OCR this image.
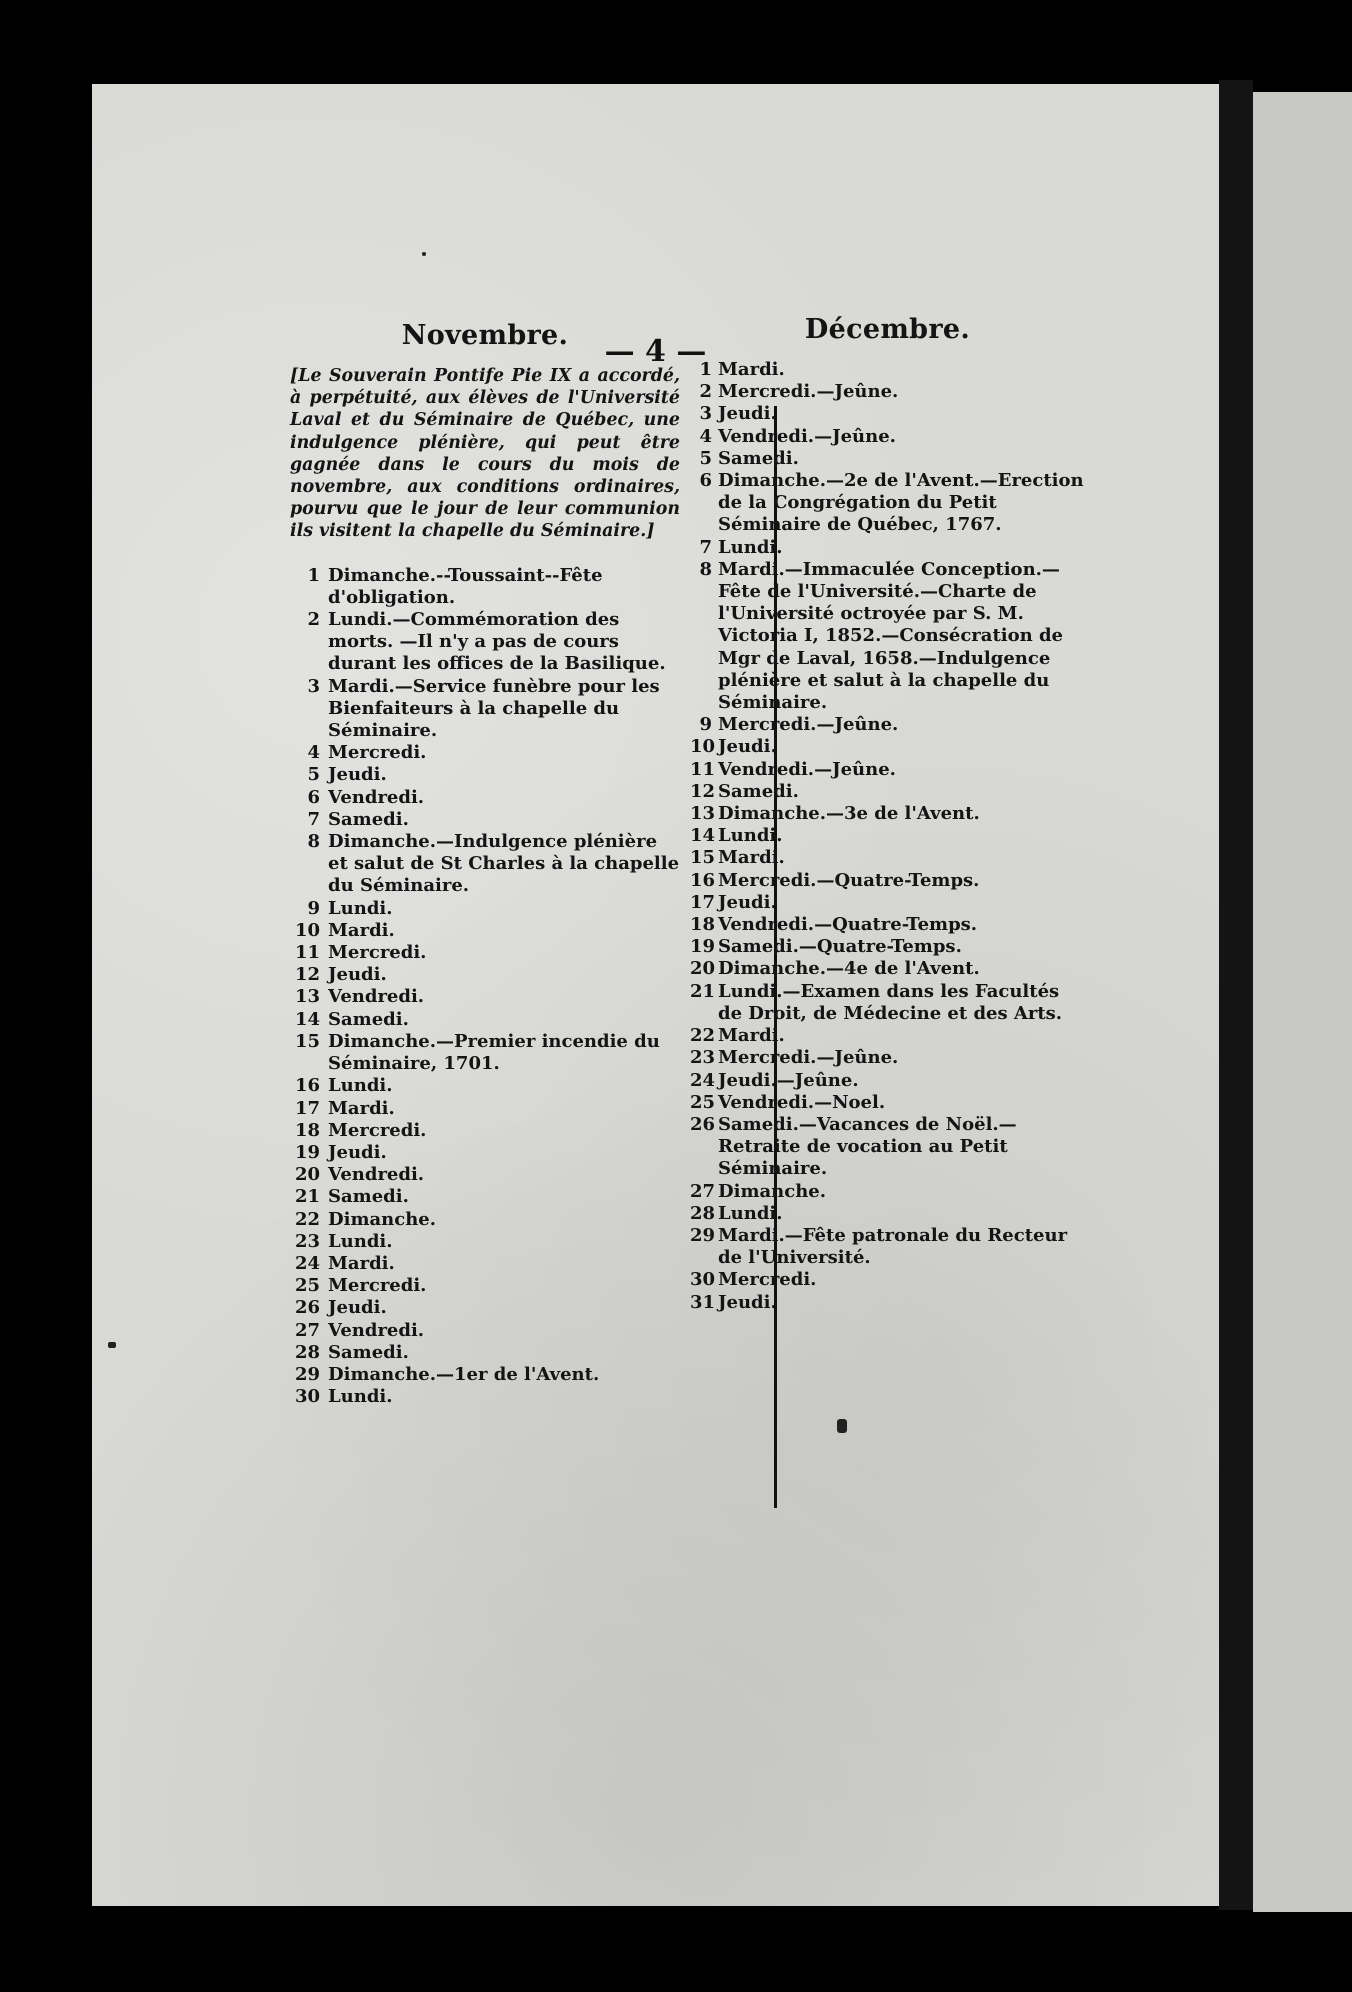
— 4 —
Novembre.
[Le Souverain Pontife Pie IX a accordé, à perpétuité, aux élèves de l'Université Laval et du Séminaire de Québec, une indulgence plénière, qui peut être gagnée dans le cours du mois de novembre, aux conditions ordinaires, pourvu que le jour de leur communion ils visitent la chapelle du Séminaire.]
1 Dimanche.--Toussaint--Fête d'obligation.
2 Lundi.—Commémoration des morts. —Il n'y a pas de cours durant les offices de la Basilique.
3 Mardi.—Service funèbre pour les Bienfaiteurs à la chapelle du Séminaire.
4 Mercredi.
5 Jeudi.
6 Vendredi.
7 Samedi.
8 Dimanche.—Indulgence plénière et salut de St Charles à la chapelle du Séminaire.
9 Lundi.
10 Mardi.
11 Mercredi.
12 Jeudi.
13 Vendredi.
14 Samedi.
15 Dimanche.—Premier incendie du Séminaire, 1701.
16 Lundi.
17 Mardi.
18 Mercredi.
19 Jeudi.
20 Vendredi.
21 Samedi.
22 Dimanche.
23 Lundi.
24 Mardi.
25 Mercredi.
26 Jeudi.
27 Vendredi.
28 Samedi.
29 Dimanche.—1er de l'Avent.
30 Lundi.
Décembre.
1 Mardi.
2 Mercredi.—Jeûne.
3 Jeudi.
4 Vendredi.—Jeûne.
5 Samedi.
6 Dimanche.—2e de l'Avent.—Erection de la Congrégation du Petit Séminaire de Québec, 1767.
7 Lundi.
8 Mardi.—Immaculée Conception.—Fête de l'Université.—Charte de l'Université octroyée par S. M. Victoria I, 1852.—Consécration de Mgr de Laval, 1658.—Indulgence plénière et salut à la chapelle du Séminaire.
9 Mercredi.—Jeûne.
10 Jeudi.
11 Vendredi.—Jeûne.
12 Samedi.
13 Dimanche.—3e de l'Avent.
14 Lundi.
15 Mardi.
16 Mercredi.—Quatre-Temps.
17 Jeudi.
18 Vendredi.—Quatre-Temps.
19 Samedi.—Quatre-Temps.
20 Dimanche.—4e de l'Avent.
21 Lundi.—Examen dans les Facultés de Droit, de Médecine et des Arts.
22 Mardi.
23 Mercredi.—Jeûne.
24 Jeudi.—Jeûne.
25 Vendredi.—Noel.
26 Samedi.—Vacances de Noël.—Retraite de vocation au Petit Séminaire.
27 Dimanche.
28 Lundi.
29 Mardi.—Fête patronale du Recteur de l'Université.
30 Mercredi.
31 Jeudi.
